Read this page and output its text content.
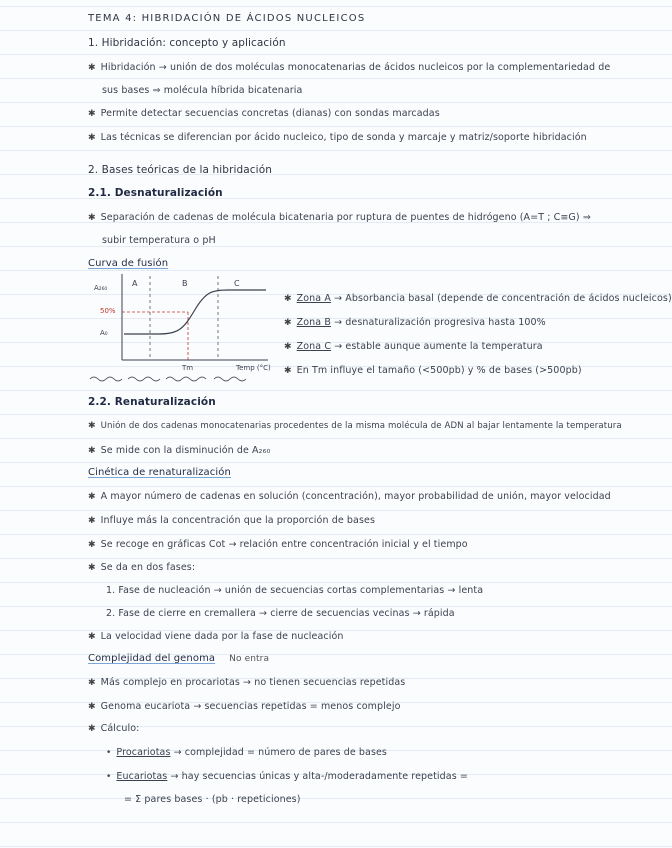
TEMA 4: HIBRIDACIÓN DE ÁCIDOS NUCLEICOS
1. Hibridación: concepto y aplicación
✱ Hibridación → unión de dos moléculas monocatenarias de ácidos nucleicos por la complementariedad de
sus bases ⇒ molécula híbrida bicatenaria
✱ Permite detectar secuencias concretas (dianas) con sondas marcadas
✱ Las técnicas se diferencian por ácido nucleico, tipo de sonda y marcaje y matriz/soporte hibridación
2. Bases teóricas de la hibridación
2.1. Desnaturalización
✱ Separación de cadenas de molécula bicatenaria por ruptura de puentes de hidrógeno (A=T ; C≡G) ⇒
subir temperatura o pH
Curva de fusión
A₂₆₀
50%
A₀
A	B	C
Tm	Temp (°C)
✱ Zona A → Absorbancia basal (depende de concentración de ácidos nucleicos)
✱ Zona B → desnaturalización progresiva hasta 100%
✱ Zona C → estable aunque aumente la temperatura
✱ En Tm influye el tamaño (<500pb) y % de bases (>500pb)
2.2. Renaturalización
✱ Unión de dos cadenas monocatenarias procedentes de la misma molécula de ADN al bajar lentamente la temperatura
✱ Se mide con la disminución de A₂₆₀
Cinética de renaturalización
✱ A mayor número de cadenas en solución (concentración), mayor probabilidad de unión, mayor velocidad
✱ Influye más la concentración que la proporción de bases
✱ Se recoge en gráficas Cot → relación entre concentración inicial y el tiempo
✱ Se da en dos fases:
1. Fase de nucleación → unión de secuencias cortas complementarias → lenta
2. Fase de cierre en cremallera → cierre de secuencias vecinas → rápida
✱ La velocidad viene dada por la fase de nucleación
Complejidad del genoma No entra
✱ Más complejo en procariotas → no tienen secuencias repetidas
✱ Genoma eucariota → secuencias repetidas = menos complejo
✱ Cálculo:
• Procariotas → complejidad = número de pares de bases
• Eucariotas → hay secuencias únicas y alta-/moderadamente repetidas =
= Σ pares bases · (pb · repeticiones)
